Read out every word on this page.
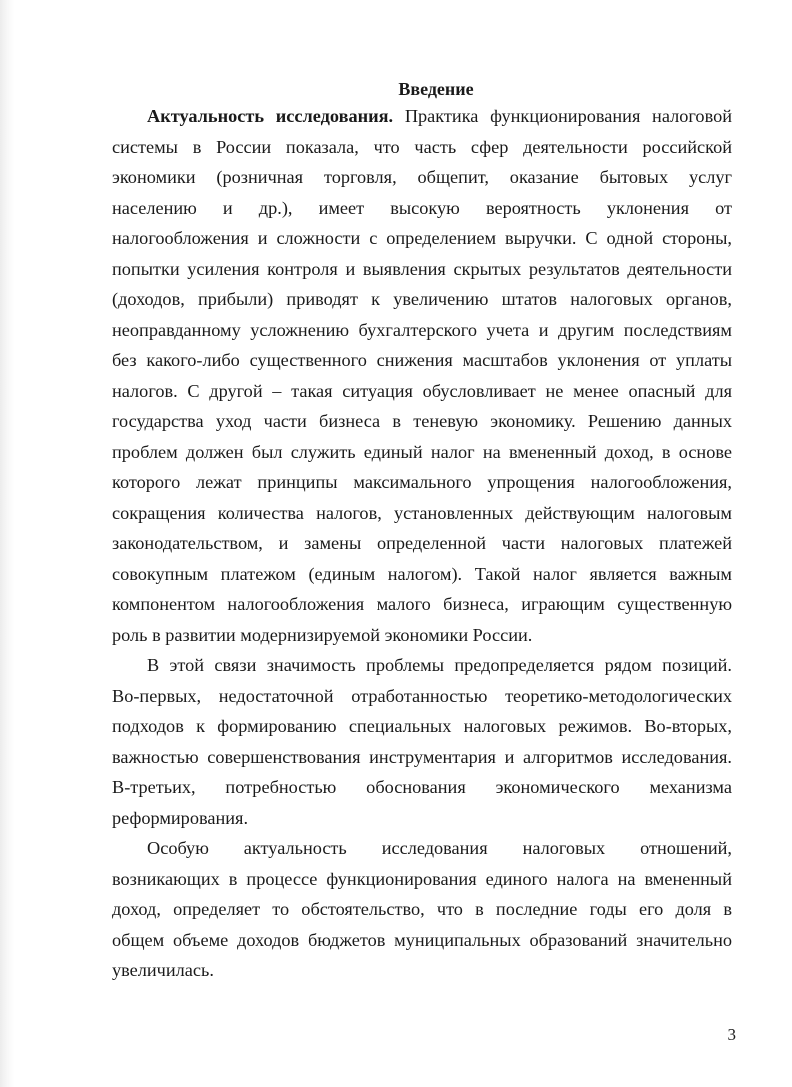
Введение
Актуальность исследования. Практика функционирования налоговой
системы в России показала, что часть сфер деятельности российской
экономики (розничная торговля, общепит, оказание бытовых услуг
населению и др.), имеет высокую вероятность уклонения от
налогообложения и сложности с определением выручки. С одной стороны,
попытки усиления контроля и выявления скрытых результатов деятельности
(доходов, прибыли) приводят к увеличению штатов налоговых органов,
неоправданному усложнению бухгалтерского учета и другим последствиям
без какого-либо существенного снижения масштабов уклонения от уплаты
налогов. С другой – такая ситуация обусловливает не менее опасный для
государства уход части бизнеса в теневую экономику. Решению данных
проблем должен был служить единый налог на вмененный доход, в основе
которого лежат принципы максимального упрощения налогообложения,
сокращения количества налогов, установленных действующим налоговым
законодательством, и замены определенной части налоговых платежей
совокупным платежом (единым налогом). Такой налог является важным
компонентом налогообложения малого бизнеса, играющим существенную
роль в развитии модернизируемой экономики России.
В этой связи значимость проблемы предопределяется рядом позиций.
Во-первых, недостаточной отработанностью теоретико-методологических
подходов к формированию специальных налоговых режимов. Во-вторых,
важностью совершенствования инструментария и алгоритмов исследования.
В-третьих, потребностью обоснования экономического механизма
реформирования.
Особую актуальность исследования налоговых отношений,
возникающих в процессе функционирования единого налога на вмененный
доход, определяет то обстоятельство, что в последние годы его доля в
общем объеме доходов бюджетов муниципальных образований значительно
увеличилась.
3
